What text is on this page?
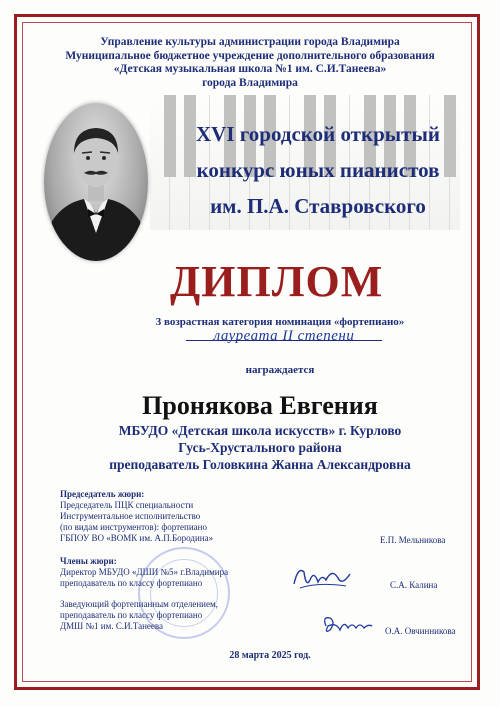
Управление культуры администрации города Владимира
Муниципальное бюджетное учреждение дополнительного образования
«Детская музыкальная школа №1 им. С.И.Танеева»
города Владимира
XVI городской открытый
конкурс юных пианистов
им. П.А. Ставровского
ДИПЛОМ
3 возрастная категория номинация «фортепиано»
лауреата II степени
награждается
Пронякова Евгения
МБУДО «Детская школа искусств» г. Курлово
Гусь-Хрустального района
преподаватель Головкина Жанна Александровна
Председатель жюри:
Председатель ПЦК специальности
Инструментальное исполнительство
(по видам инструментов): фортепиано
ГБПОУ ВО «ВОМК им. А.П.Бородина»
Члены жюри:
Директор МБУДО «ДШИ №5» г.Владимира
преподаватель по классу фортепиано
Заведующий фортепианным отделением,
преподаватель по классу фортепиано
ДМШ №1 им. С.И.Танеева
Е.П. Мельникова
С.А. Калина
О.А. Овчинникова
28 марта 2025 год.
